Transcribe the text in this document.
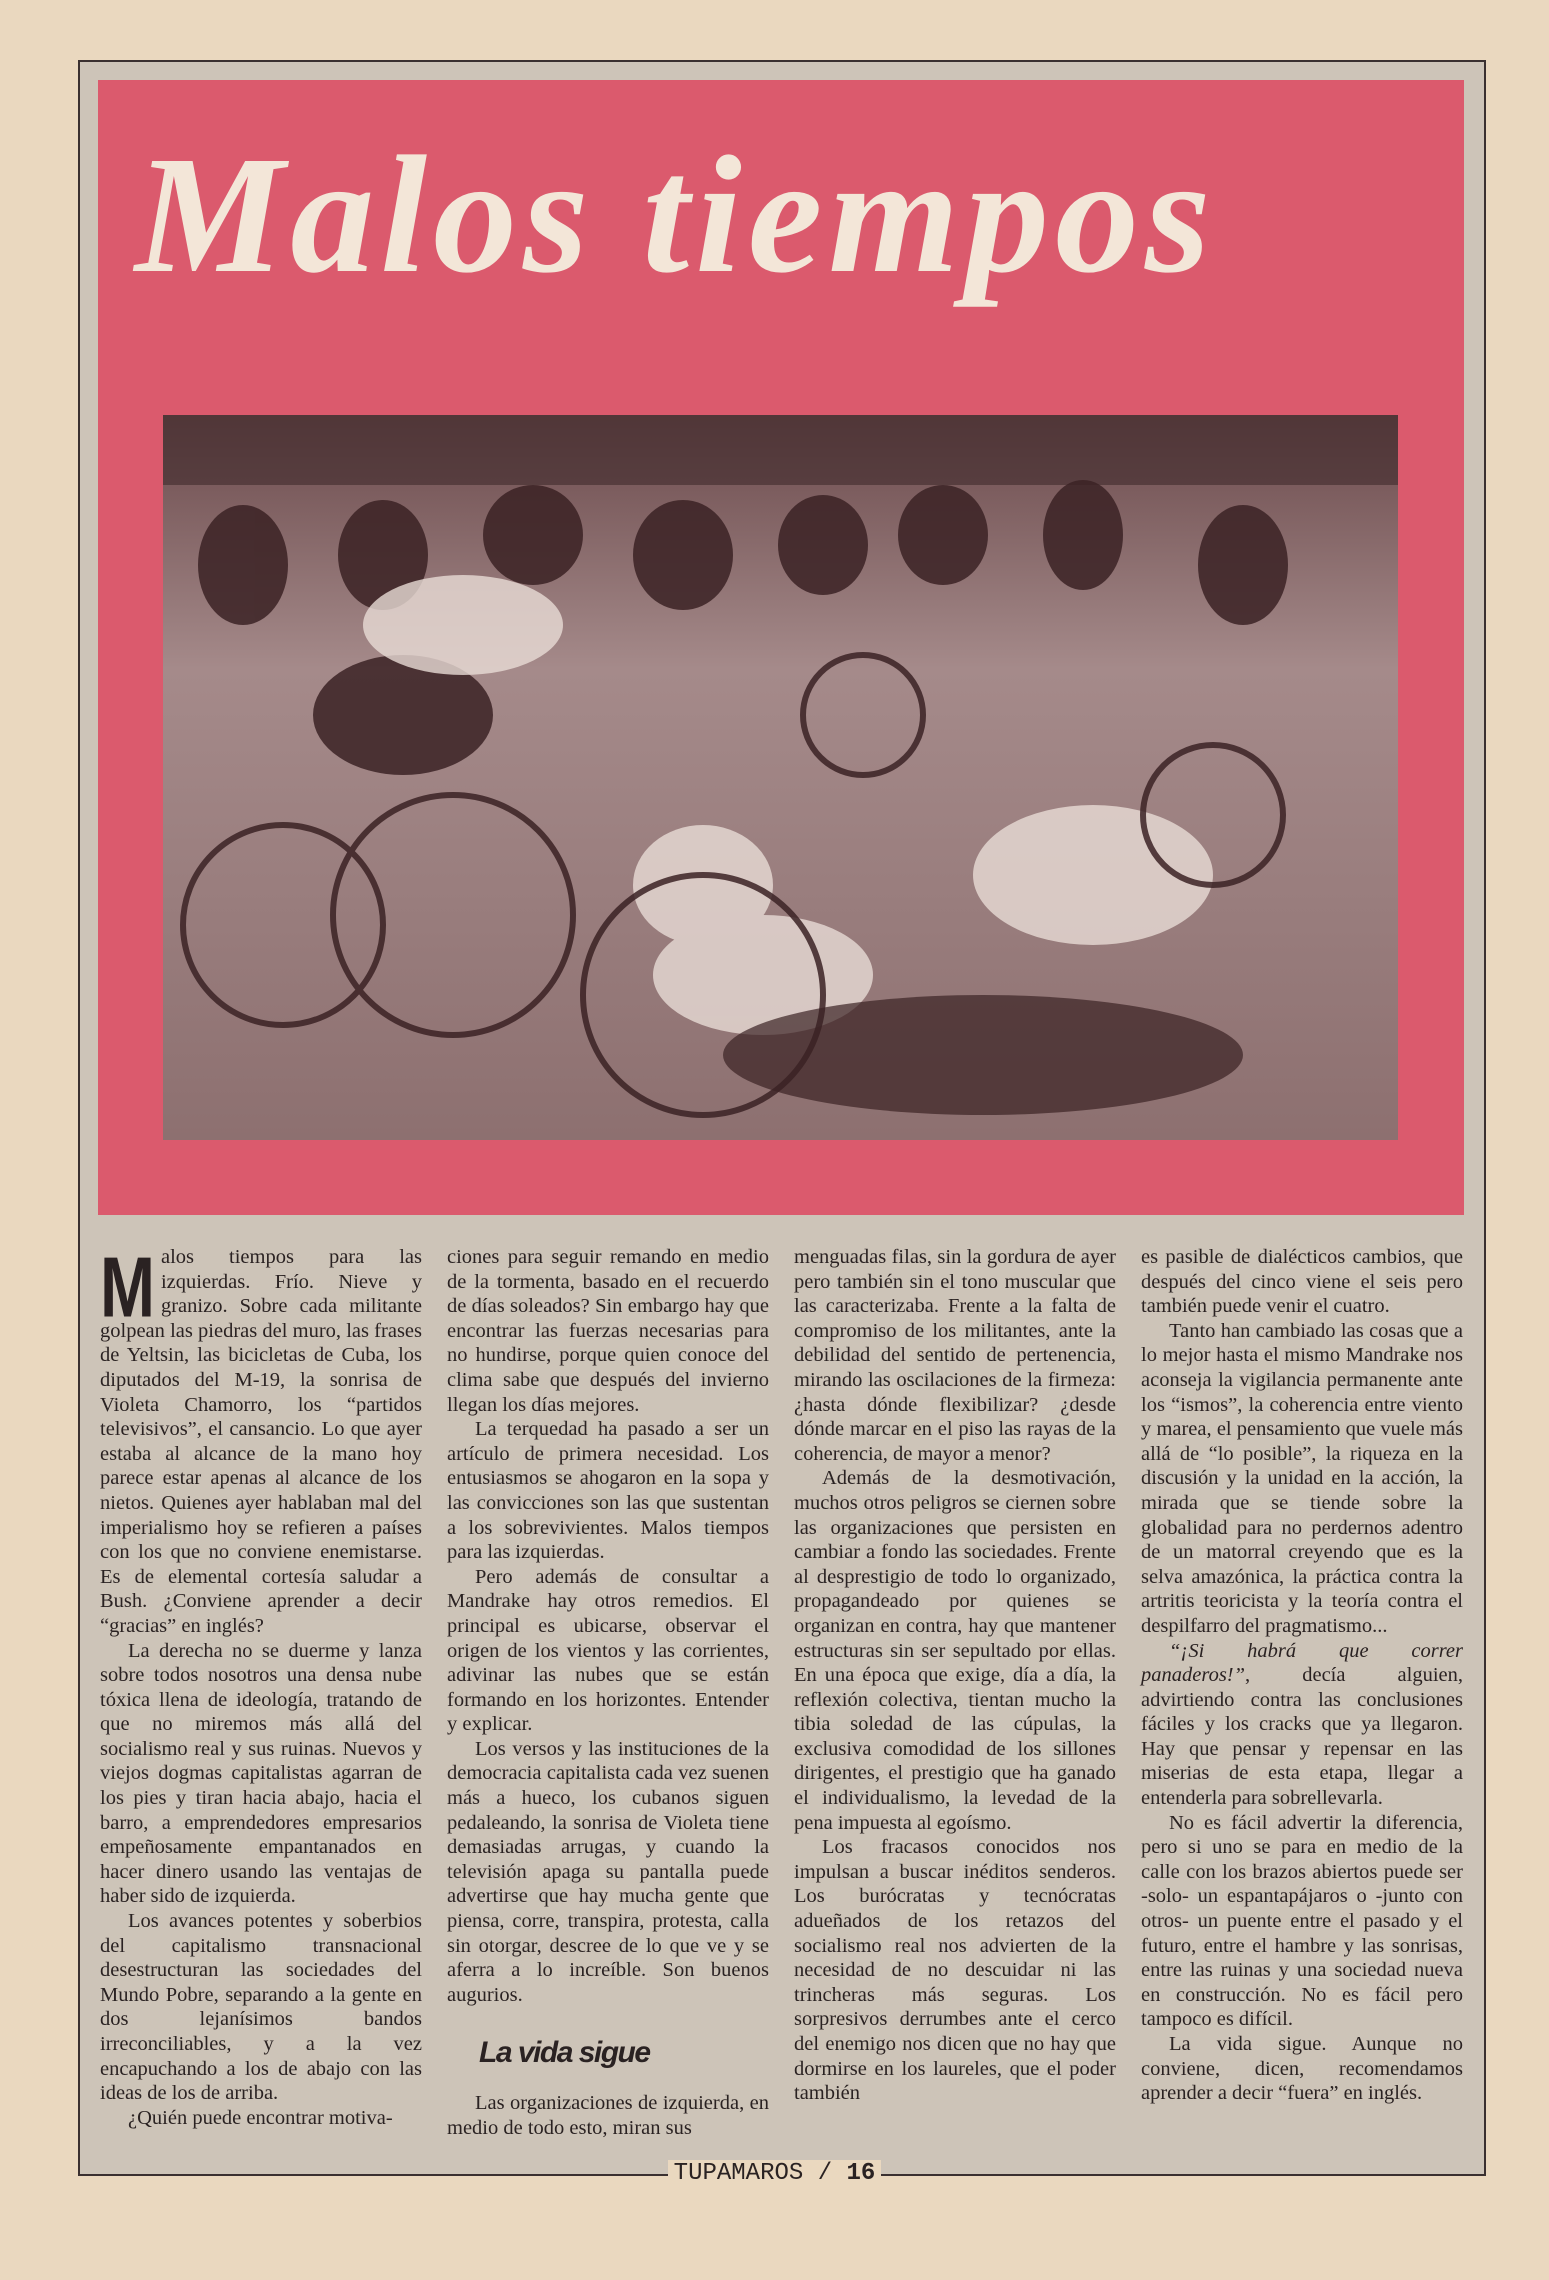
Malos tiempos

Malos tiempos para las izquierdas. Frío. Nieve y granizo. Sobre cada militante golpean las piedras del muro, las frases de Yeltsin, las bicicletas de Cuba, los diputados del M-19, la sonrisa de Violeta Chamorro, los “partidos televisivos”, el cansancio. Lo que ayer estaba al alcance de la mano hoy parece estar apenas al alcance de los nietos. Quienes ayer hablaban mal del imperialismo hoy se refieren a países con los que no conviene enemistarse. Es de elemental cortesía saludar a Bush. ¿Conviene aprender a decir “gracias” en inglés?

La derecha no se duerme y lanza sobre todos nosotros una densa nube tóxica llena de ideología, tratando de que no miremos más allá del socialismo real y sus ruinas. Nuevos y viejos dogmas capitalistas agarran de los pies y tiran hacia abajo, hacia el barro, a emprendedores empresarios empeñosamente empantanados en hacer dinero usando las ventajas de haber sido de izquierda.

Los avances potentes y soberbios del capitalismo transnacional desestructuran las sociedades del Mundo Pobre, separando a la gente en dos lejanísimos bandos irreconciliables, y a la vez encapuchando a los de abajo con las ideas de los de arriba.

¿Quién puede encontrar motiva-

ciones para seguir remando en medio de la tormenta, basado en el recuerdo de días soleados? Sin embargo hay que encontrar las fuerzas necesarias para no hundirse, porque quien conoce del clima sabe que después del invierno llegan los días mejores.

La terquedad ha pasado a ser un artículo de primera necesidad. Los entusiasmos se ahogaron en la sopa y las convicciones son las que sustentan a los sobrevivientes. Malos tiempos para las izquierdas.

Pero además de consultar a Mandrake hay otros remedios. El principal es ubicarse, observar el origen de los vientos y las corrientes, adivinar las nubes que se están formando en los horizontes. Entender y explicar.

Los versos y las instituciones de la democracia capitalista cada vez suenen más a hueco, los cubanos siguen pedaleando, la sonrisa de Violeta tiene demasiadas arrugas, y cuando la televisión apaga su pantalla puede advertirse que hay mucha gente que piensa, corre, transpira, protesta, calla sin otorgar, descree de lo que ve y se aferra a lo increíble. Son buenos augurios.

La vida sigue

Las organizaciones de izquierda, en medio de todo esto, miran sus

menguadas filas, sin la gordura de ayer pero también sin el tono muscular que las caracterizaba. Frente a la falta de compromiso de los militantes, ante la debilidad del sentido de pertenencia, mirando las oscilaciones de la firmeza: ¿hasta dónde flexibilizar? ¿desde dónde marcar en el piso las rayas de la coherencia, de mayor a menor?

Además de la desmotivación, muchos otros peligros se ciernen sobre las organizaciones que persisten en cambiar a fondo las sociedades. Frente al desprestigio de todo lo organizado, propagandeado por quienes se organizan en contra, hay que mantener estructuras sin ser sepultado por ellas. En una época que exige, día a día, la reflexión colectiva, tientan mucho la tibia soledad de las cúpulas, la exclusiva comodidad de los sillones dirigentes, el prestigio que ha ganado el individualismo, la levedad de la pena impuesta al egoísmo.

Los fracasos conocidos nos impulsan a buscar inéditos senderos. Los burócratas y tecnócratas adueñados de los retazos del socialismo real nos advierten de la necesidad de no descuidar ni las trincheras más seguras. Los sorpresivos derrumbes ante el cerco del enemigo nos dicen que no hay que dormirse en los laureles, que el poder también

es pasible de dialécticos cambios, que después del cinco viene el seis pero también puede venir el cuatro.

Tanto han cambiado las cosas que a lo mejor hasta el mismo Mandrake nos aconseja la vigilancia permanente ante los “ismos”, la coherencia entre viento y marea, el pensamiento que vuele más allá de “lo posible”, la riqueza en la discusión y la unidad en la acción, la mirada que se tiende sobre la globalidad para no perdernos adentro de un matorral creyendo que es la selva amazónica, la práctica contra la artritis teoricista y la teoría contra el despilfarro del pragmatismo...

“¡Si habrá que correr panaderos!”, decía alguien, advirtiendo contra las conclusiones fáciles y los cracks que ya llegaron. Hay que pensar y repensar en las miserias de esta etapa, llegar a entenderla para sobrellevarla.

No es fácil advertir la diferencia, pero si uno se para en medio de la calle con los brazos abiertos puede ser -solo- un espantapájaros o -junto con otros- un puente entre el pasado y el futuro, entre el hambre y las sonrisas, entre las ruinas y una sociedad nueva en construcción. No es fácil pero tampoco es difícil.

La vida sigue. Aunque no conviene, dicen, recomendamos aprender a decir “fuera” en inglés.

TUPAMAROS / 16
